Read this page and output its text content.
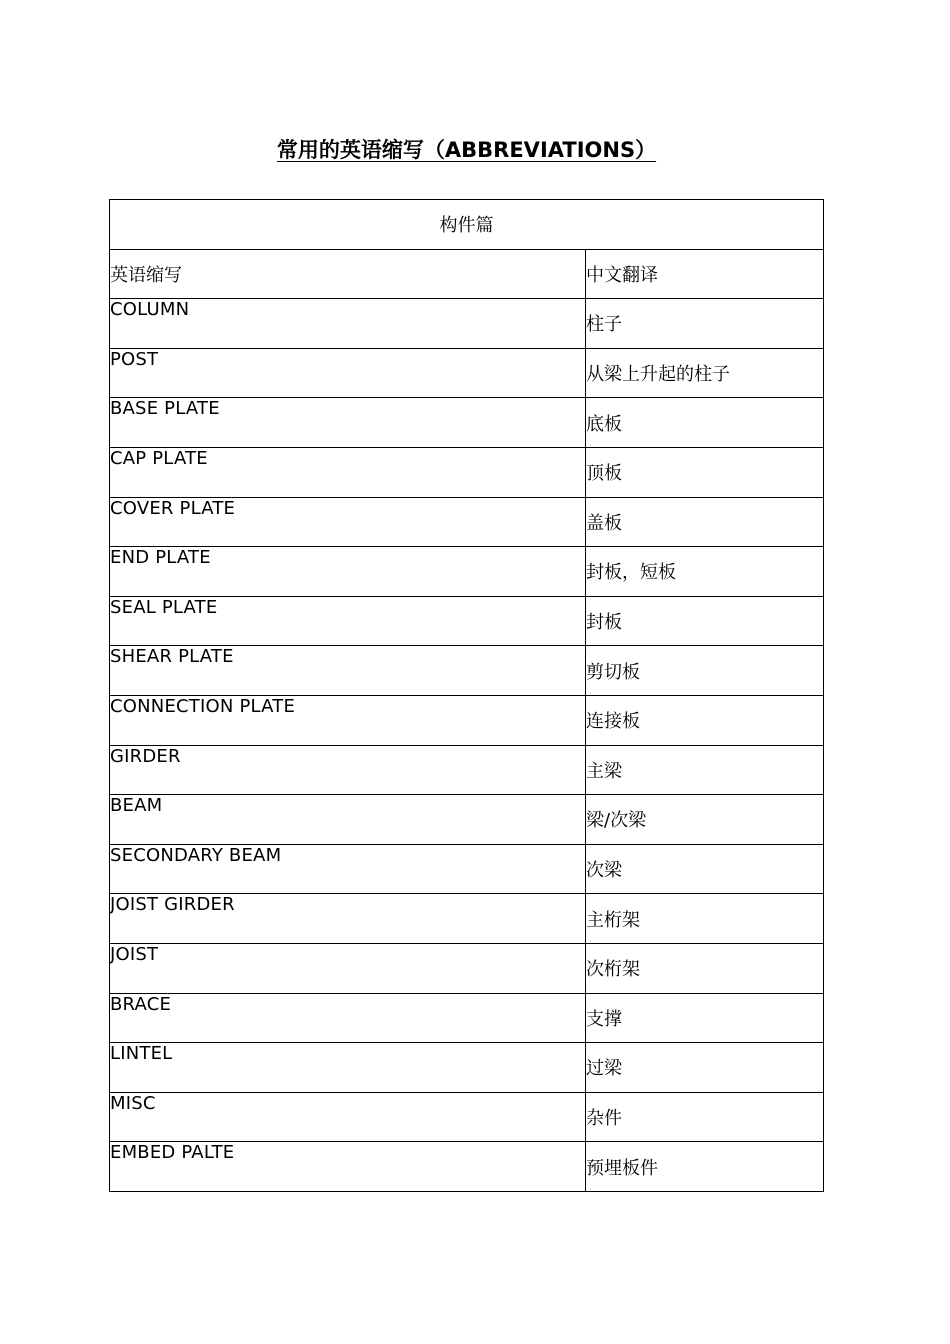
常用的英语缩写（ABBREVIATIONS）
构件篇	
英语缩写	中文翻译
COLUMN	柱子
POST	从梁上升起的柱子
BASE PLATE	底板
CAP PLATE	顶板
COVER PLATE	盖板
END PLATE	封板，短板
SEAL PLATE	封板
SHEAR PLATE	剪切板
CONNECTION PLATE	连接板
GIRDER	主梁
BEAM	梁/次梁
SECONDARY BEAM	次梁
JOIST GIRDER	主桁架
JOIST	次桁架
BRACE	支撑
LINTEL	过梁
MISC	杂件
EMBED PALTE	预埋板件
